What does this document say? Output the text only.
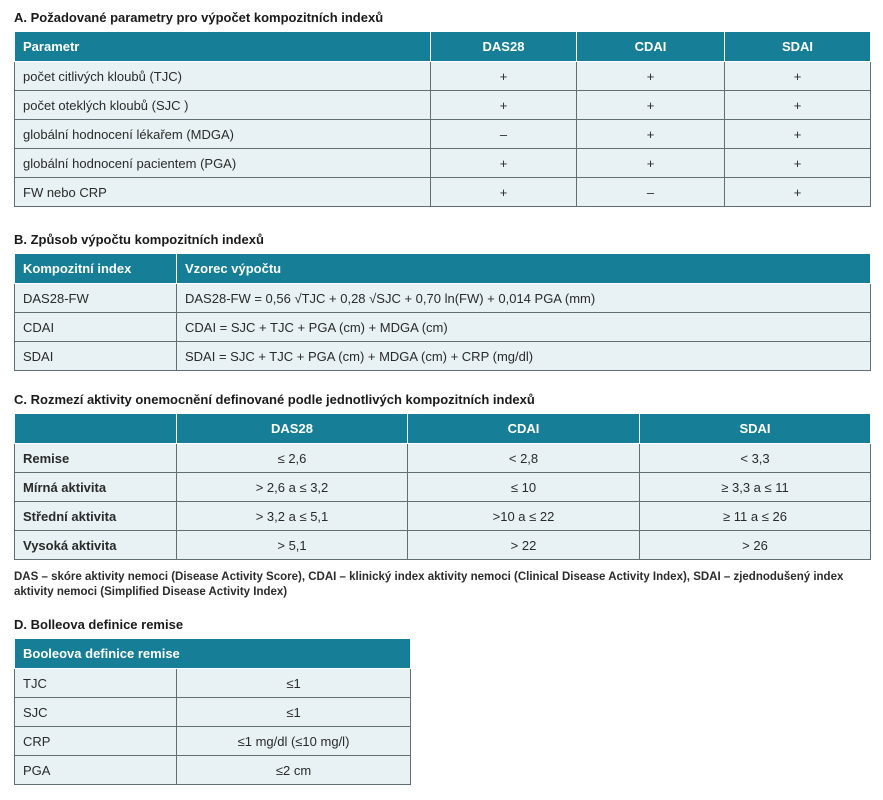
A. Požadované parametry pro výpočet kompozitních indexů
Parametr	DAS28	CDAI	SDAI
počet citlivých kloubů (TJC)	+	+	+
počet oteklých kloubů (SJC )	+	+	+
globální hodnocení lékařem (MDGA)	–	+	+
globální hodnocení pacientem (PGA)	+	+	+
FW nebo CRP	+	–	+
B. Způsob výpočtu kompozitních indexů
Kompozitní index	Vzorec výpočtu
DAS28-FW	DAS28-FW = 0,56 √TJC + 0,28 √SJC + 0,70 ln(FW) + 0,014 PGA (mm)
CDAI	CDAI = SJC + TJC + PGA (cm) + MDGA (cm)
SDAI	SDAI = SJC + TJC + PGA (cm) + MDGA (cm) + CRP (mg/dl)
C. Rozmezí aktivity onemocnění definované podle jednotlivých kompozitních indexů
	DAS28	CDAI	SDAI
Remise	≤ 2,6	< 2,8	< 3,3
Mírná aktivita	> 2,6 a ≤ 3,2	≤ 10	≥ 3,3 a ≤ 11
Střední aktivita	> 3,2 a ≤ 5,1	>10 a ≤ 22	≥ 11 a ≤ 26
Vysoká aktivita	> 5,1	> 22	> 26
DAS – skóre aktivity nemoci (Disease Activity Score), CDAI – klinický index aktivity nemoci (Clinical Disease Activity Index), SDAI – zjednodušený index aktivity nemoci (Simplified Disease Activity Index)
D. Bolleova definice remise
Booleova definice remise	
TJC	≤1
SJC	≤1
CRP	≤1 mg/dl (≤10 mg/l)
PGA	≤2 cm
